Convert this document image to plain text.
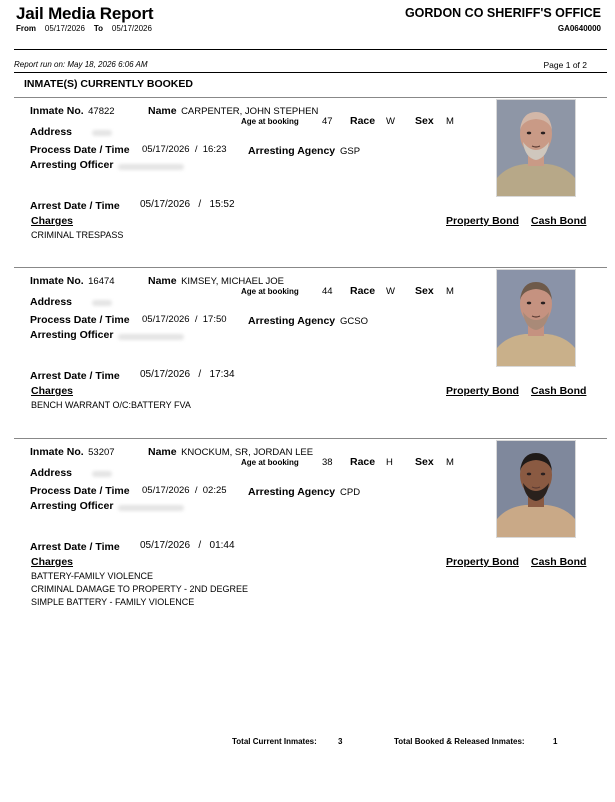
Jail Media Report	GORDON CO SHERIFF'S OFFICE
From 05/17/2026 To 05/17/2026	GA0640000
Report run on: May 18, 2026 6:06 AM	Page 1 of 2
INMATE(S) CURRENTLY BOOKED
Inmate No. 47822	Name CARPENTER, JOHN STEPHEN
Age at booking 47 Race W Sex M
Address
Process Date / Time 05/17/2026 / 16:23 Arresting Agency GSP
Arresting Officer
Arrest Date / Time 05/17/2026 / 15:52
Charges	Property Bond Cash Bond
CRIMINAL TRESPASS
Inmate No. 16474	Name KIMSEY, MICHAEL JOE
Age at booking 44 Race W Sex M
Address
Process Date / Time 05/17/2026 / 17:50 Arresting Agency GCSO
Arresting Officer
Arrest Date / Time 05/17/2026 / 17:34
Charges	Property Bond Cash Bond
BENCH WARRANT O/C:BATTERY FVA
Inmate No. 53207	Name KNOCKUM, SR, JORDAN LEE
Age at booking 38 Race H Sex M
Address
Process Date / Time 05/17/2026 / 02:25 Arresting Agency CPD
Arresting Officer
Arrest Date / Time 05/17/2026 / 01:44
Charges	Property Bond Cash Bond
BATTERY-FAMILY VIOLENCE
CRIMINAL DAMAGE TO PROPERTY - 2ND DEGREE
SIMPLE BATTERY - FAMILY VIOLENCE
Total Current Inmates:	3	Total Booked & Released Inmates:	1
